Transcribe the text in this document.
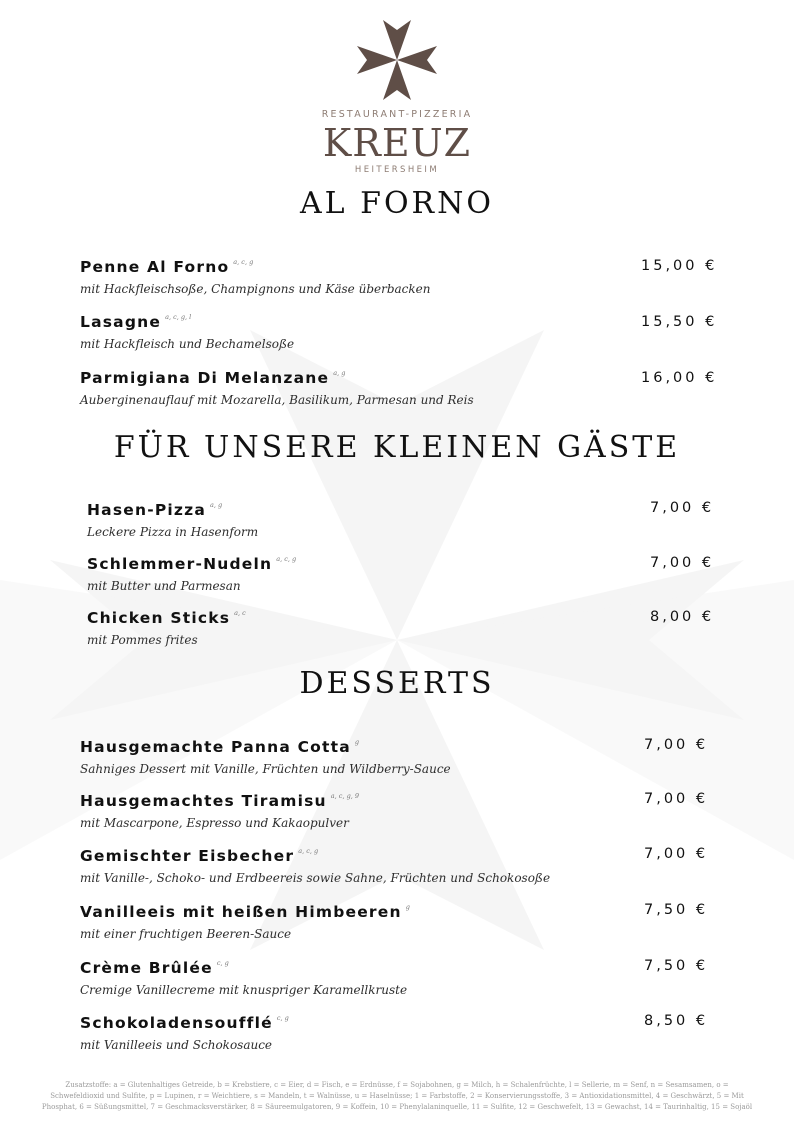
RESTAURANT-PIZZERIA
KREUZ
HEITERSHEIM
AL FORNO
Penne Al Forno $^{a, c, g}$
mit Hackfleischsoße, Champignons und Käse überbacken
15,00 €
Lasagne $^{a, c, g, l}$
mit Hackfleisch und Bechamelsoße
15,50 €
Parmigiana Di Melanzane $^{a, g}$
Auberginenauflauf mit Mozarella, Basilikum, Parmesan und Reis
16,00 €
FÜR UNSERE KLEINEN GÄSTE
Hasen-Pizza $^{a, g}$
Leckere Pizza in Hasenform
7,00 €
Schlemmer-Nudeln $^{a, c, g}$
mit Butter und Parmesan
7,00 €
Chicken Sticks $^{a, c}$
mit Pommes frites
8,00 €
DESSERTS
Hausgemachte Panna Cotta $^g$
Sahniges Dessert mit Vanille, Früchten und Wildberry-Sauce
7,00 €
Hausgemachtes Tiramisu $^{a, c, g, 9}$
mit Mascarpone, Espresso und Kakaopulver
7,00 €
Gemischter Eisbecher $^{a, c, g}$
mit Vanille-, Schoko- und Erdbeereis sowie Sahne, Früchten und Schokosoße
7,00 €
Vanilleeis mit heißen Himbeeren $^g$
mit einer fruchtigen Beeren-Sauce
7,50 €
Crème Brûlée $^{c, g}$
Cremige Vanillecreme mit knuspriger Karamellkruste
7,50 €
Schokoladensoufflé $^{c, g}$
mit Vanilleeis und Schokosauce
8,50 €
Zusatzstoffe: a = Glutenhaltiges Getreide, b = Krebstiere, c = Eier, d = Fisch, e = Erdnüsse, f = Sojabohnen, g = Milch, h = Schalenfrüchte, l = Sellerie, m = Senf, n = Sesamsamen, o = Schwefeldioxid und Sulfite, p = Lupinen, r = Weichtiere, s = Mandeln, t = Walnüsse, u = Haselnüsse; 1 = Farbstoffe, 2 = Konservierungsstoffe, 3 = Antioxidationsmittel, 4 = Geschwärzt, 5 = Mit Phosphat, 6 = Süßungsmittel, 7 = Geschmacksverstärker, 8 = Säureemulgatoren, 9 = Koffein, 10 = Phenylalaninquelle, 11 = Sulfite, 12 = Geschwefelt, 13 = Gewachst, 14 = Taurinhaltig, 15 = Sojaöl
